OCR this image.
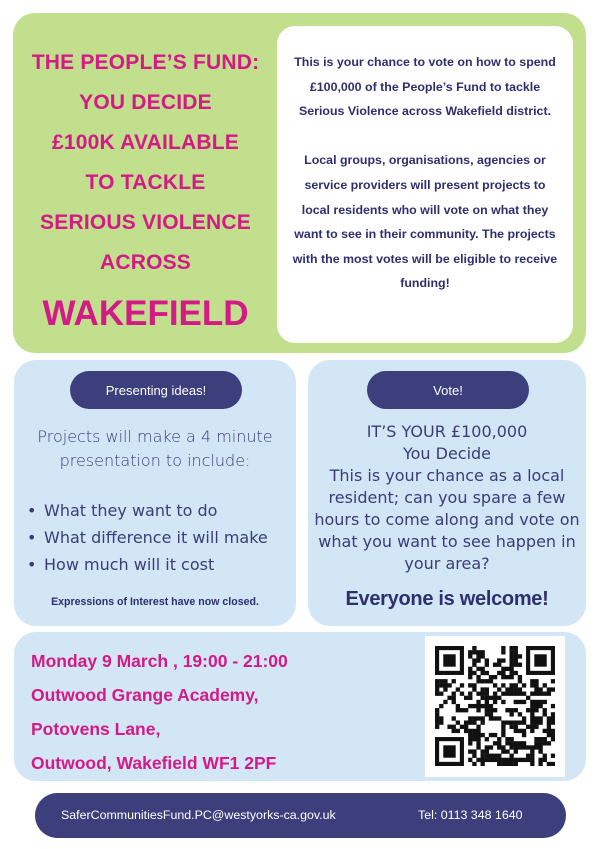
THE PEOPLE’S FUND:
YOU DECIDE
£100K AVAILABLE
TO TACKLE
SERIOUS VIOLENCE
ACROSS
WAKEFIELD

This is your chance to vote on how to spend £100,000 of the People’s Fund to tackle Serious Violence across Wakefield district.

Local groups, organisations, agencies or service providers will present projects to local residents who will vote on what they want to see in their community. The projects with the most votes will be eligible to receive funding!

Presenting ideas!
Projects will make a 4 minute presentation to include:
• What they want to do
• What difference it will make
• How much will it cost
Expressions of Interest have now closed.
Vote!

IT’S YOUR £100,000

You Decide

This is your chance as a local resident; can you spare a few hours to come along and vote on what you want to see happen in your area?

Everyone is welcome!
Monday 9 March , 19:00 - 21:00
Outwood Grange Academy,
Potovens Lane,
Outwood, Wakefield WF1 2PF
SaferCommunitiesFund.PC@westyorks-ca.gov.uk	Tel: 0113 348 1640
